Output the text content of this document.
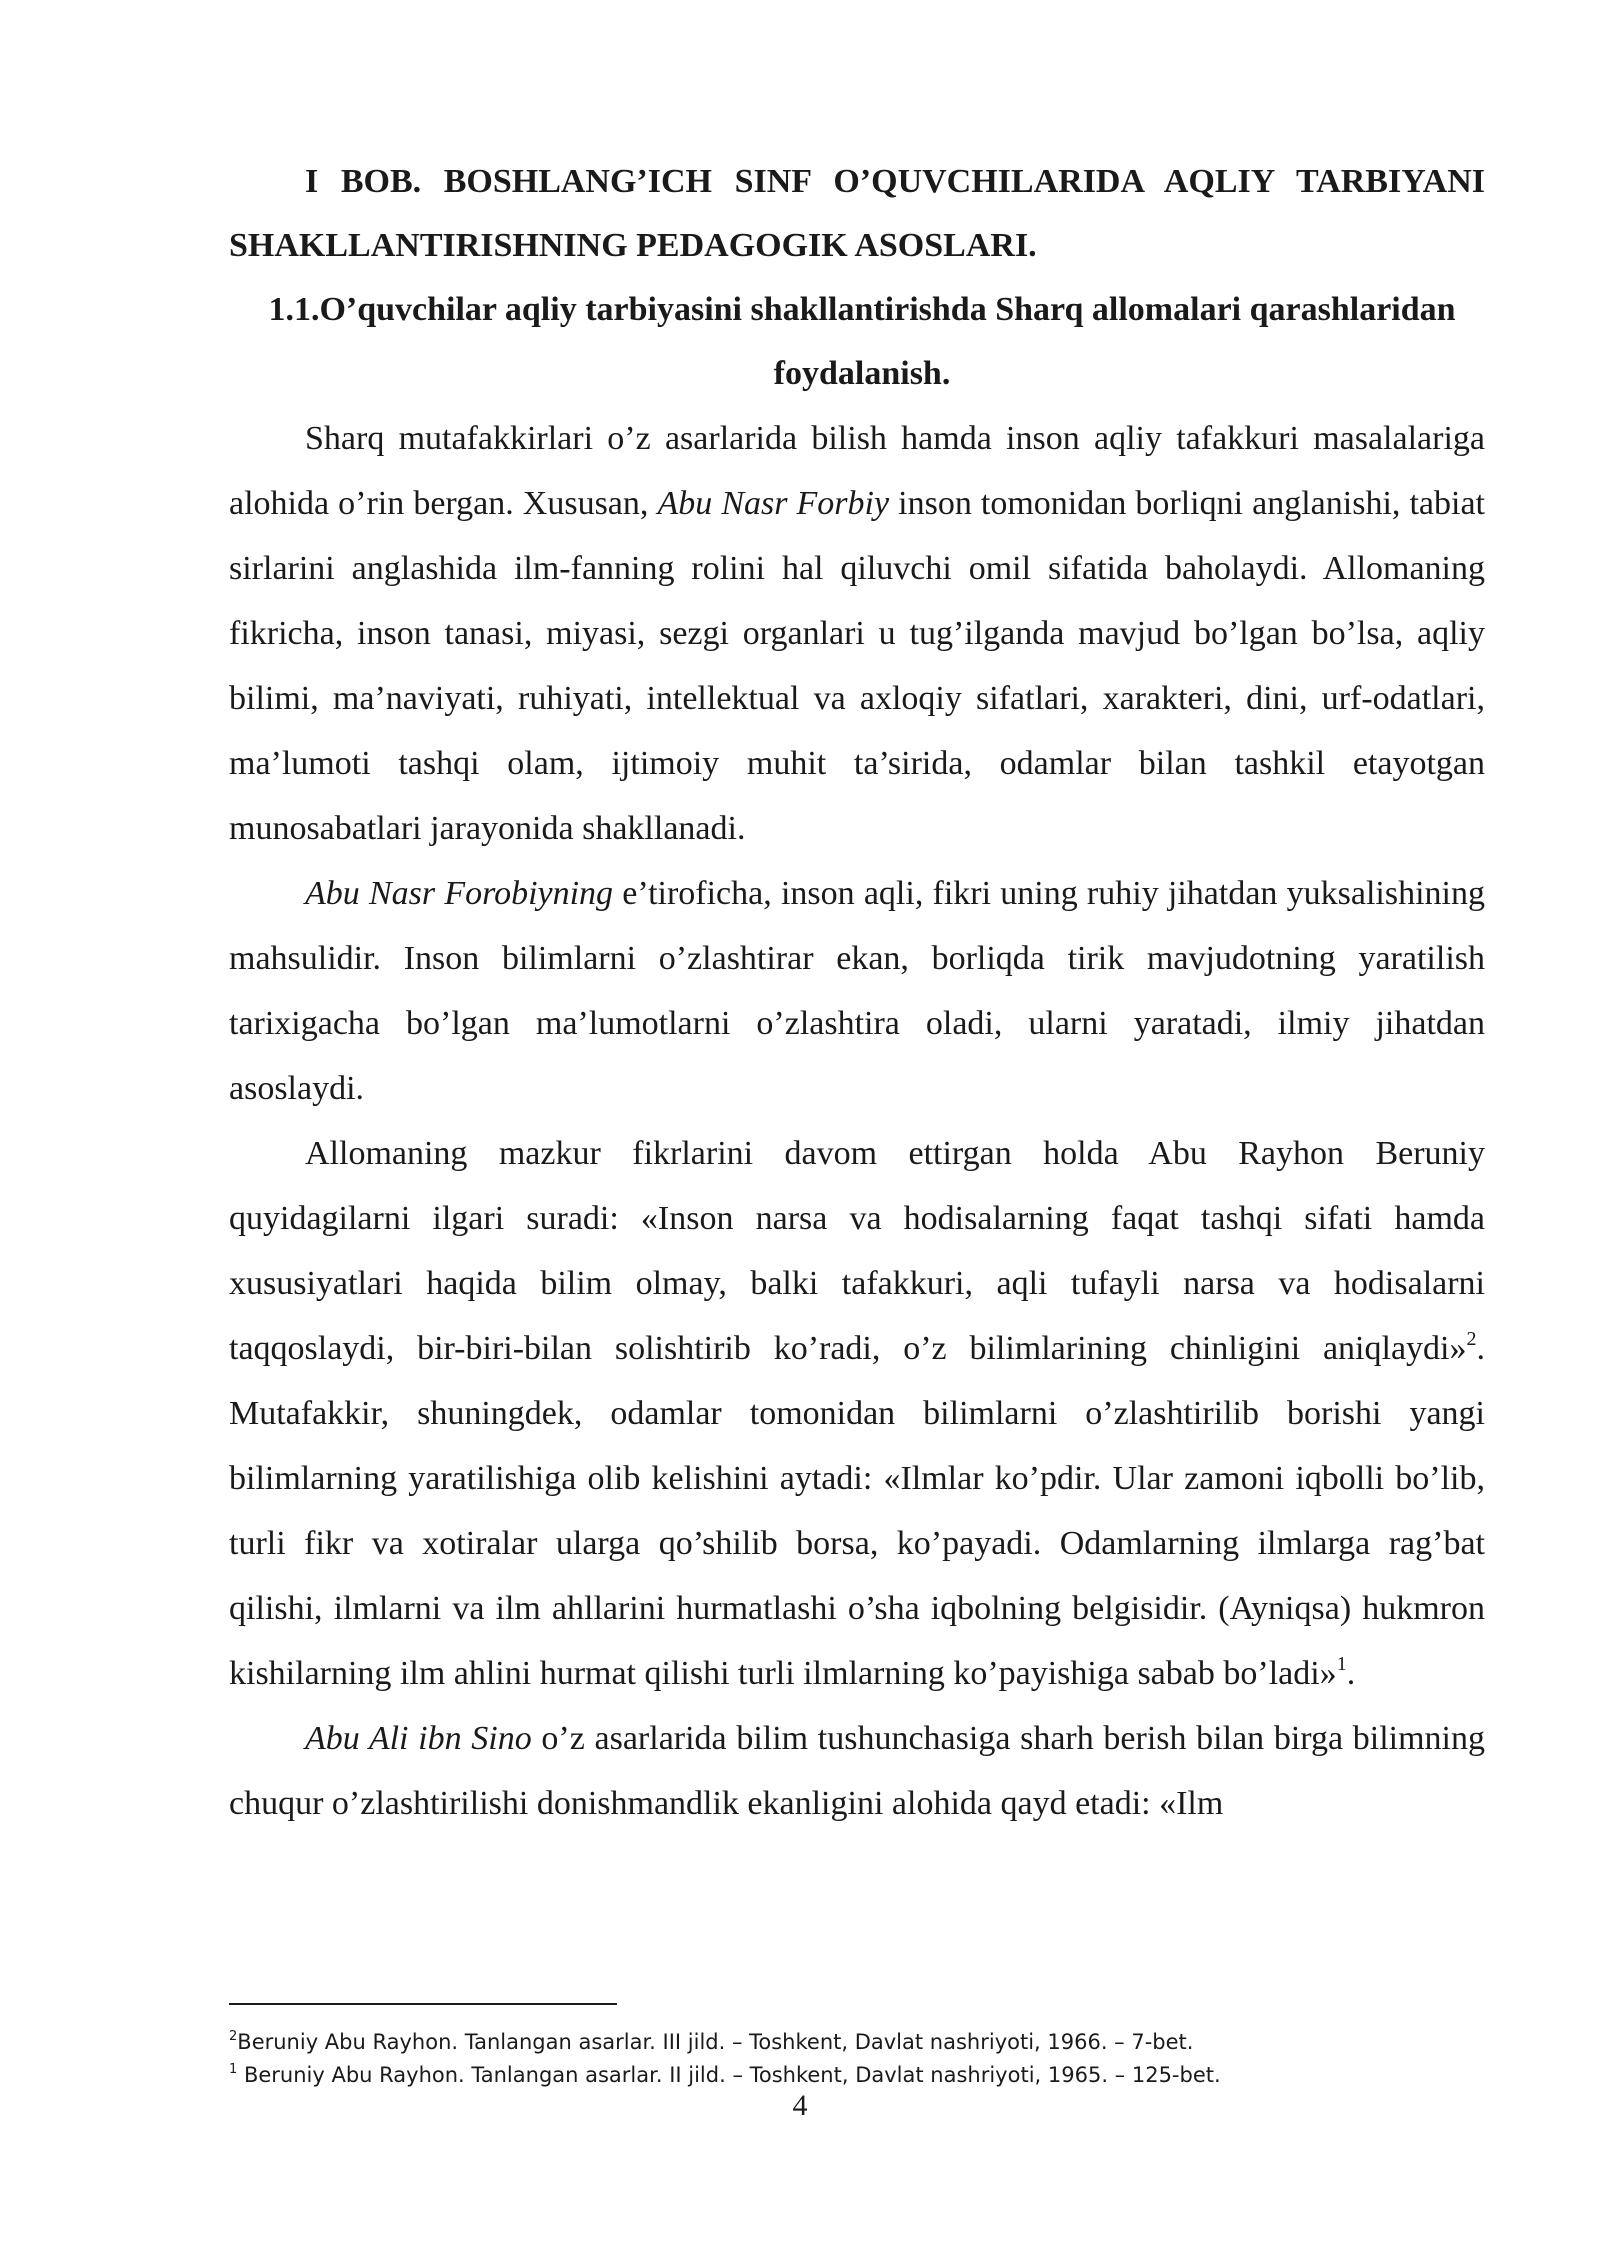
I BOB. BOSHLANG’ICH SINF O’QUVCHILARIDA AQLIY TARBIYANI SHAKLLANTIRISHNING PEDAGOGIK ASOSLARI.

1.1.O’quvchilar aqliy tarbiyasini shakllantirishda Sharq allomalari qarashlaridan foydalanish.

Sharq mutafakkirlari o’z asarlarida bilish hamda inson aqliy tafakkuri masalalariga alohida o’rin bergan. Xususan, Abu Nasr Forbiy inson tomonidan borliqni anglanishi, tabiat sirlarini anglashida ilm-fanning rolini hal qiluvchi omil sifatida baholaydi. Allomaning fikricha, inson tanasi, miyasi, sezgi organlari u tug’ilganda mavjud bo’lgan bo’lsa, aqliy bilimi, ma’naviyati, ruhiyati, intellektual va axloqiy sifatlari, xarakteri, dini, urf-odatlari, ma’lumoti tashqi olam, ijtimoiy muhit ta’sirida, odamlar bilan tashkil etayotgan munosabatlari jarayonida shakllanadi.

Abu Nasr Forobiyning e’tiroficha, inson aqli, fikri uning ruhiy jihatdan yuksalishining mahsulidir. Inson bilimlarni o’zlashtirar ekan, borliqda tirik mavjudotning yaratilish tarixigacha bo’lgan ma’lumotlarni o’zlashtira oladi, ularni yaratadi, ilmiy jihatdan asoslaydi.

Allomaning mazkur fikrlarini davom ettirgan holda Abu Rayhon Beruniy quyidagilarni ilgari suradi: «Inson narsa va hodisalarning faqat tashqi sifati hamda xususiyatlari haqida bilim olmay, balki tafakkuri, aqli tufayli narsa va hodisalarni taqqoslaydi, bir-biri-bilan solishtirib ko’radi, o’z bilimlarining chinligini aniqlaydi»$^2$. Mutafakkir, shuningdek, odamlar tomonidan bilimlarni o’zlashtirilib borishi yangi bilimlarning yaratilishiga olib kelishini aytadi: «Ilmlar ko’pdir. Ular zamoni iqbolli bo’lib, turli fikr va xotiralar ularga qo’shilib borsa, ko’payadi. Odamlarning ilmlarga rag’bat qilishi, ilmlarni va ilm ahllarini hurmatlashi o’sha iqbolning belgisidir. (Ayniqsa) hukmron kishilarning ilm ahlini hurmat qilishi turli ilmlarning ko’payishiga sabab bo’ladi»$^1$.

Abu Ali ibn Sino o’z asarlarida bilim tushunchasiga sharh berish bilan birga bilimning chuqur o’zlashtirilishi donishmandlik ekanligini alohida qayd etadi: «Ilm

$^2$Beruniy Abu Rayhon. Tanlangan asarlar. III jild. – Toshkent, Davlat nashriyoti, 1966. – 7-bet.

$^1$ Beruniy Abu Rayhon. Tanlangan asarlar. II jild. – Toshkent, Davlat nashriyoti, 1965. – 125-bet.

4
